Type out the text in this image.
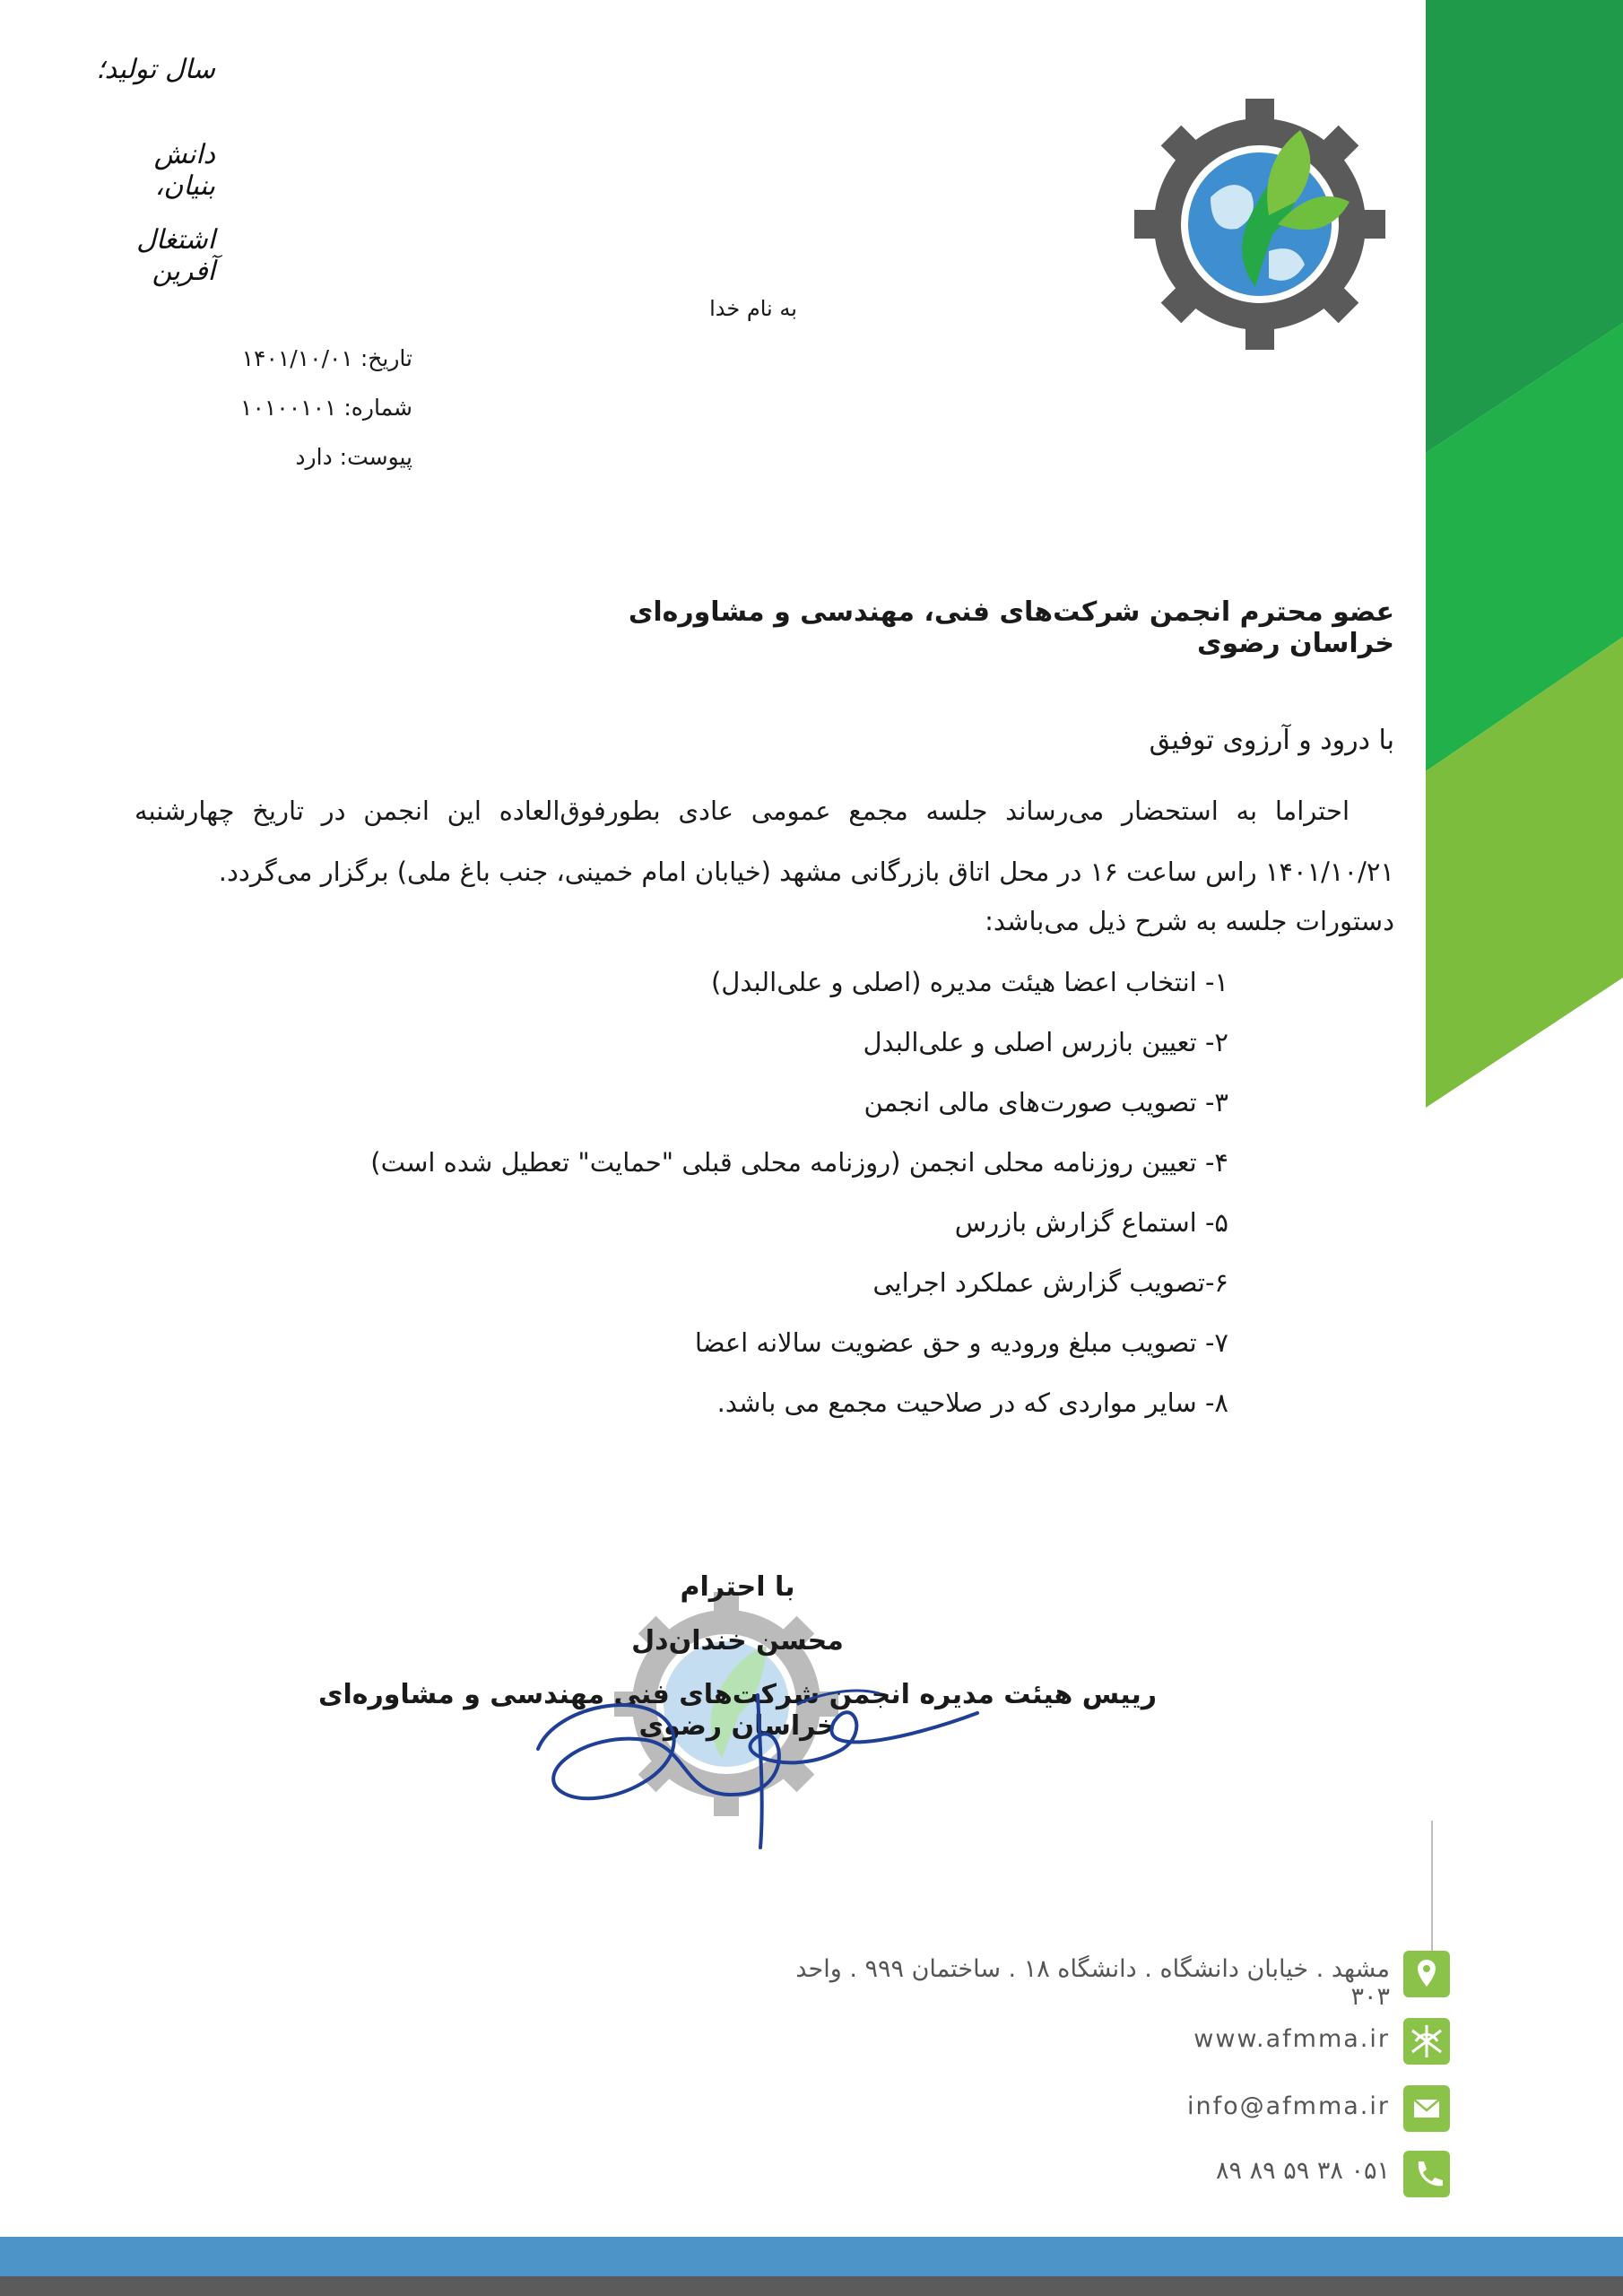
سال تولید؛
دانش بنیان،
اشتغال آفرین
به نام خدا
تاریخ: ۱۴۰۱/۱۰/۰۱
شماره: ۱۰۱۰۰۱۰۱
پیوست: دارد
عضو محترم انجمن شرکت‌های فنی، مهندسی و مشاوره‌ای خراسان رضوی
با درود و آرزوی توفیق
احتراما به استحضار می‌رساند جلسه مجمع عمومی عادی بطورفوق‌العاده این انجمن در تاریخ چهارشنبه ۱۴۰۱/۱۰/۲۱ راس ساعت ۱۶ در محل اتاق بازرگانی مشهد (خیابان امام خمینی، جنب باغ ملی) برگزار می‌گردد.
دستورات جلسه به شرح ذیل می‌باشد:
۱- انتخاب اعضا هیئت مدیره (اصلی و علی‌البدل)
۲- تعیین بازرس اصلی و علی‌البدل
۳- تصویب صورت‌های مالی انجمن
۴- تعیین روزنامه محلی انجمن (روزنامه محلی قبلی "حمایت" تعطیل شده است)
۵- استماع گزارش بازرس
۶-تصویب گزارش عملکرد اجرایی
۷- تصویب مبلغ ورودیه و حق عضویت سالانه اعضا
۸- سایر مواردی که در صلاحیت مجمع می باشد.
با احترام
محسن خندان‌دل
رییس هیئت مدیره انجمن شرکت‌های فنی مهندسی و مشاوره‌ای خراسان رضوی
مشهد . خیابان دانشگاه . دانشگاه ۱۸ . ساختمان ۹۹۹ . واحد ۳۰۳
www.afmma.ir
info@afmma.ir
۰۵۱ ۳۸ ۵۹ ۸۹ ۸۹
